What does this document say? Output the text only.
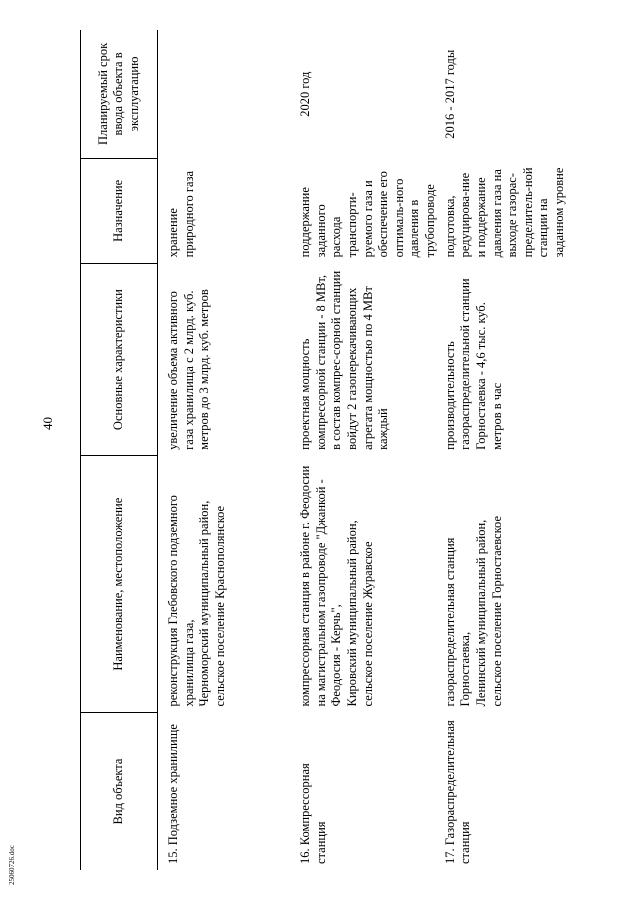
40
25060726.doc
Вид объекта	Наименование, местоположение	Основные характеристики	Назначение	Планируемый срок ввода объекта в эксплуатацию
15. Подземное хранилище	реконструкция Глебовского подземного хранилища газа,
Черноморский муниципальный район,
сельское поселение Краснополянское	увеличение объема активного газа хранилища с 2 млрд. куб. метров до 3 млрд. куб. метров	хранение природного газа	
16. Компрессорная станция	компрессорная станция в районе г. Феодосии на магистральном газопроводе "Джанкой - Феодосия - Керчь",
Кировский муниципальный район,
сельское поселение Журавское	проектная мощность компрессорной станции - 8 МВт, в состав компрес-сорной станции войдут 2 газоперекачивающих агрегата мощностью по 4 МВт каждый	поддержание заданного расхода транспорти-руемого газа и обеспечение его оптималь-ного давления в трубопроводе	2020 год
17. Газораспределительная станция	газораспределительная станция Горностаевка,
Ленинский муниципальный район,
сельское поселение Горностаевское	производительность газораспределительной станции Горностаевка - 4,6 тыс. куб. метров в час	подготовка, редуцирова-ние и поддержание давления газа на выходе газорас-пределитель-ной станции на заданном уровне	2016 - 2017 годы
